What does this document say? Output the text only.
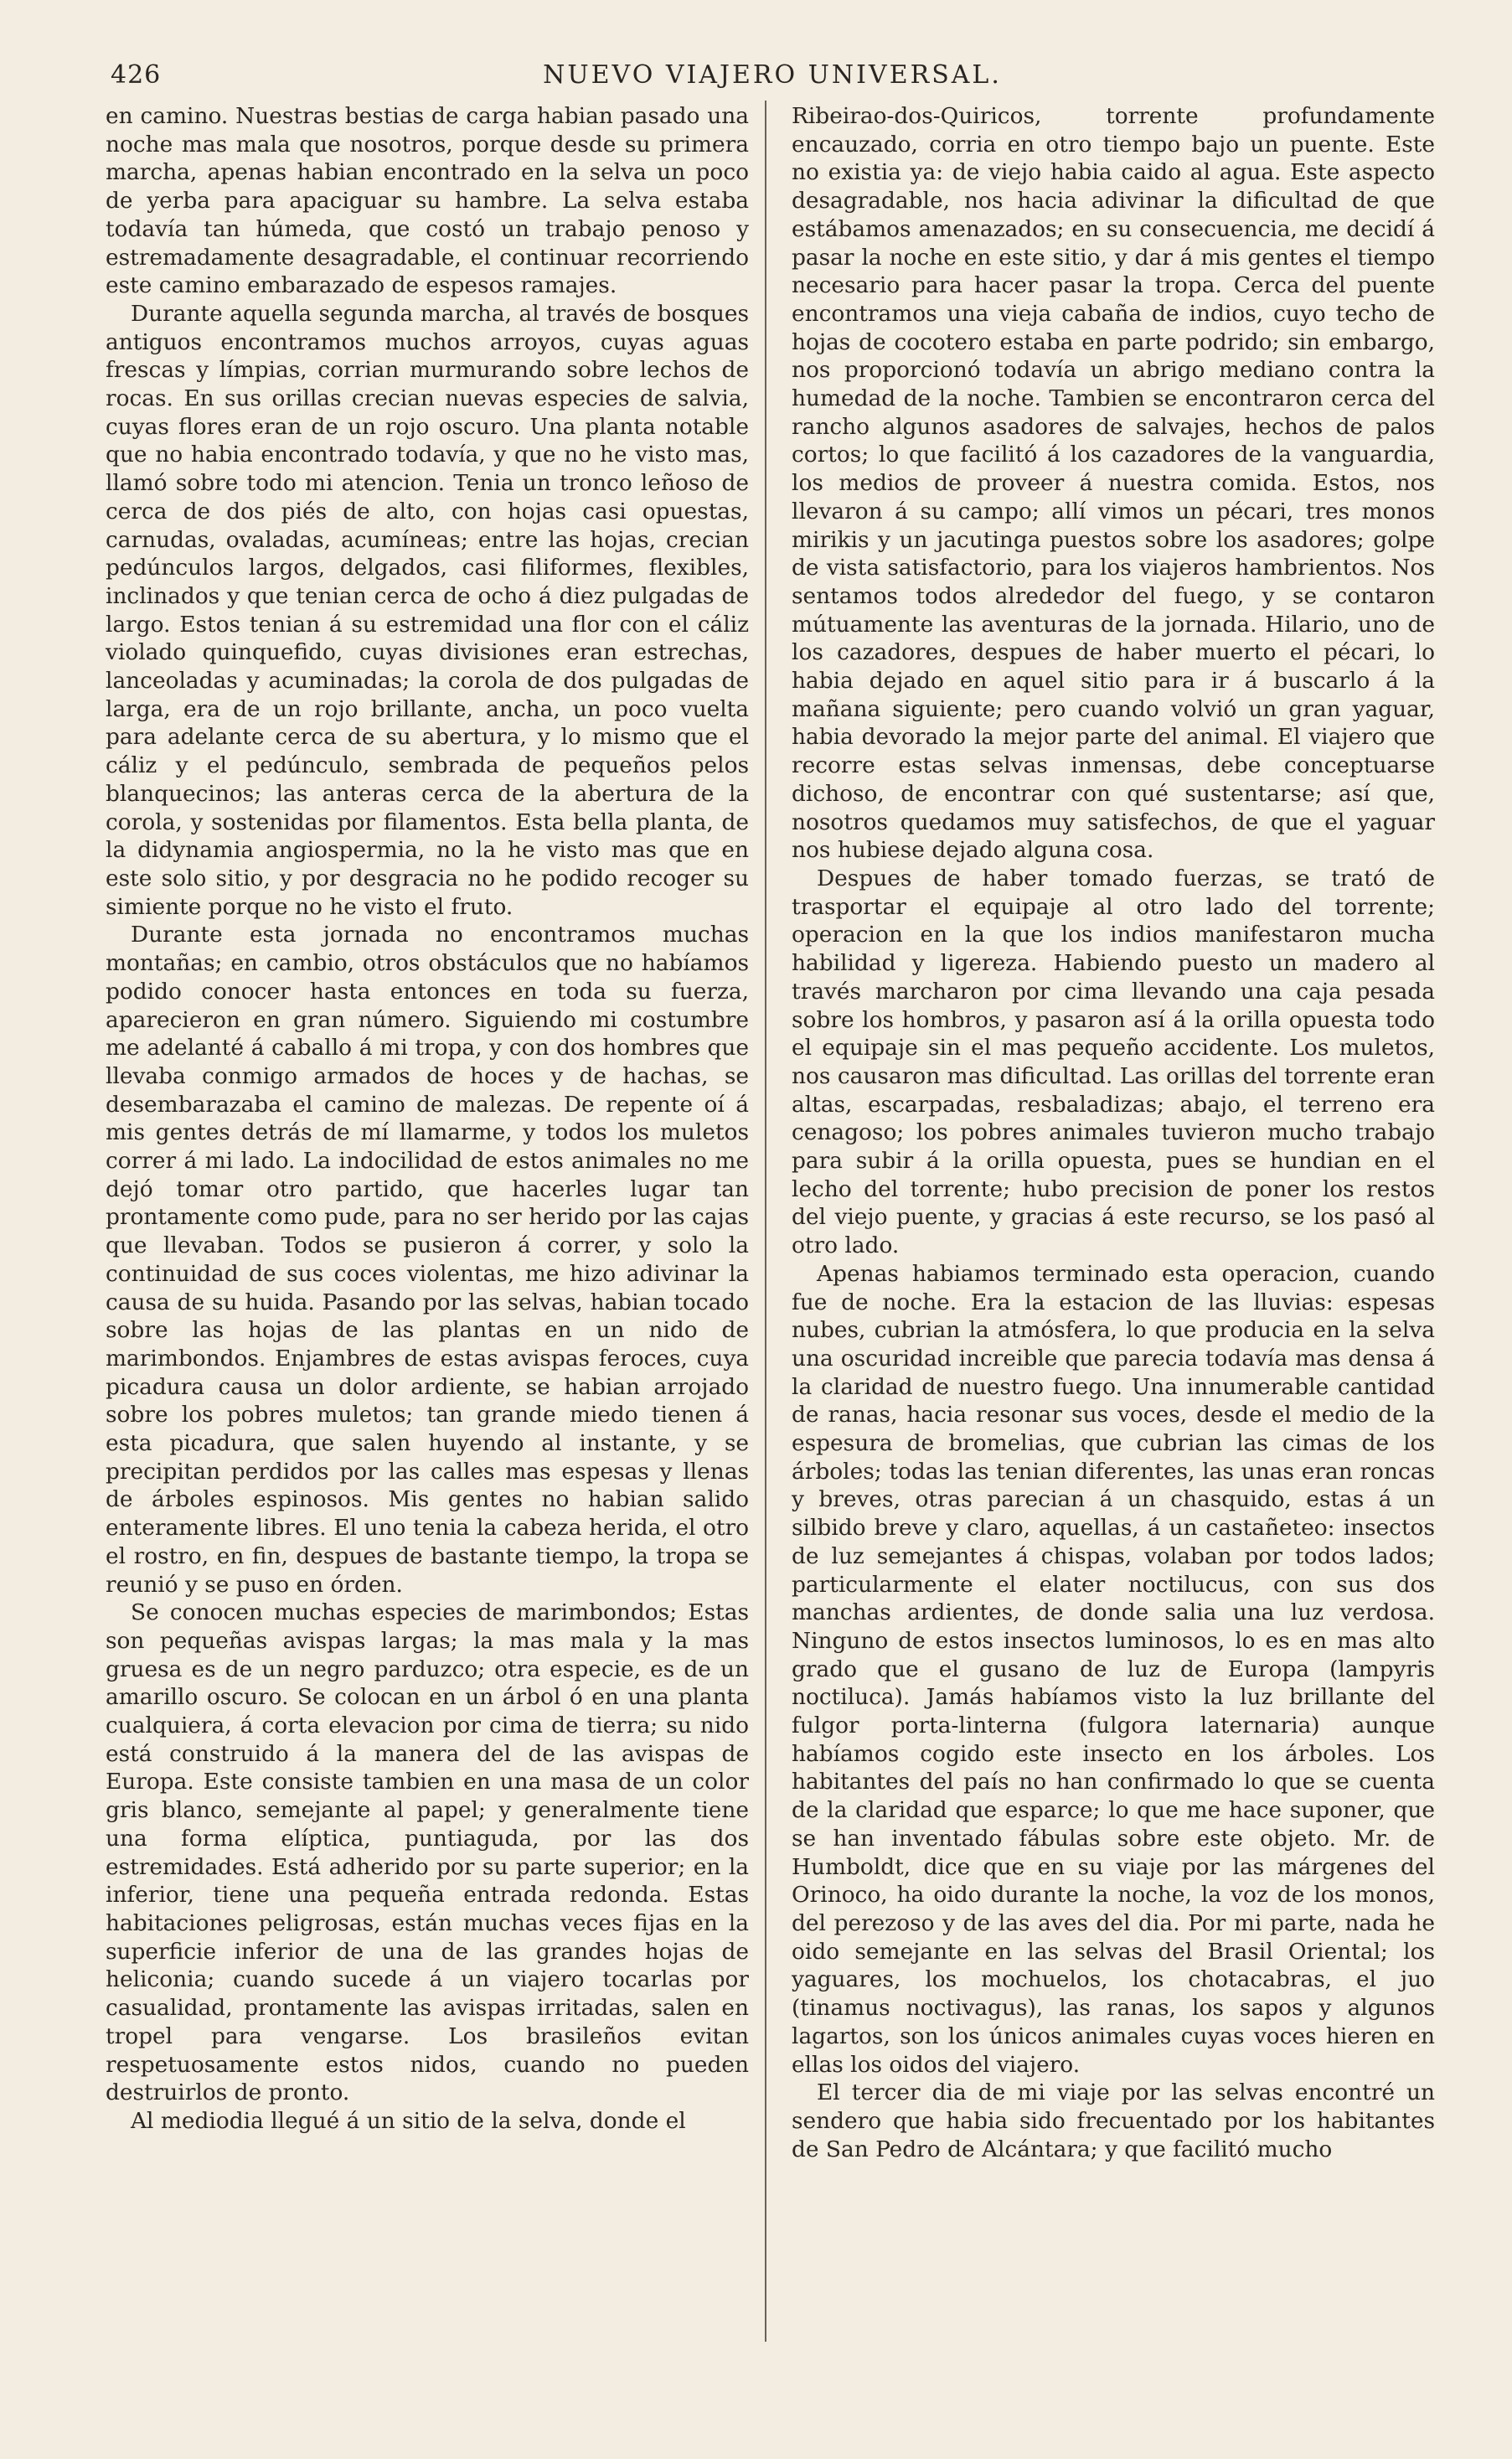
426	NUEVO VIAJERO UNIVERSAL.

en camino. Nuestras bestias de carga habian pasado una noche mas mala que nosotros, porque desde su primera marcha, apenas habian encontrado en la selva un poco de yerba para apaciguar su hambre. La selva estaba todavía tan húmeda, que costó un trabajo penoso y estremadamente desagradable, el continuar recorriendo este camino embarazado de espesos ramajes.

Durante aquella segunda marcha, al través de bosques antiguos encontramos muchos arroyos, cuyas aguas frescas y límpias, corrian murmurando sobre lechos de rocas. En sus orillas crecian nuevas especies de salvia, cuyas flores eran de un rojo oscuro. Una planta notable que no habia encontrado todavía, y que no he visto mas, llamó sobre todo mi atencion. Tenia un tronco leñoso de cerca de dos piés de alto, con hojas casi opuestas, carnudas, ovaladas, acumíneas; entre las hojas, crecian pedúnculos largos, delgados, casi filiformes, flexibles, inclinados y que tenian cerca de ocho á diez pulgadas de largo. Estos tenian á su estremidad una flor con el cáliz violado quinquefido, cuyas divisiones eran estrechas, lanceoladas y acuminadas; la corola de dos pulgadas de larga, era de un rojo brillante, ancha, un poco vuelta para adelante cerca de su abertura, y lo mismo que el cáliz y el pedúnculo, sembrada de pequeños pelos blanquecinos; las anteras cerca de la abertura de la corola, y sostenidas por filamentos. Esta bella planta, de la didynamia angiospermia, no la he visto mas que en este solo sitio, y por desgracia no he podido recoger su simiente porque no he visto el fruto.

Durante esta jornada no encontramos muchas montañas; en cambio, otros obstáculos que no habíamos podido conocer hasta entonces en toda su fuerza, aparecieron en gran número. Siguiendo mi costumbre me adelanté á caballo á mi tropa, y con dos hombres que llevaba conmigo armados de hoces y de hachas, se desembarazaba el camino de malezas. De repente oí á mis gentes detrás de mí llamarme, y todos los muletos correr á mi lado. La indocilidad de estos animales no me dejó tomar otro partido, que hacerles lugar tan prontamente como pude, para no ser herido por las cajas que llevaban. Todos se pusieron á correr, y solo la continuidad de sus coces violentas, me hizo adivinar la causa de su huida. Pasando por las selvas, habian tocado sobre las hojas de las plantas en un nido de marimbondos. Enjambres de estas avispas feroces, cuya picadura causa un dolor ardiente, se habian arrojado sobre los pobres muletos; tan grande miedo tienen á esta picadura, que salen huyendo al instante, y se precipitan perdidos por las calles mas espesas y llenas de árboles espinosos. Mis gentes no habian salido enteramente libres. El uno tenia la cabeza herida, el otro el rostro, en fin, despues de bastante tiempo, la tropa se reunió y se puso en órden.

Se conocen muchas especies de marimbondos; Estas son pequeñas avispas largas; la mas mala y la mas gruesa es de un negro parduzco; otra especie, es de un amarillo oscuro. Se colocan en un árbol ó en una planta cualquiera, á corta elevacion por cima de tierra; su nido está construido á la manera del de las avispas de Europa. Este consiste tambien en una masa de un color gris blanco, semejante al papel; y generalmente tiene una forma elíptica, puntiaguda, por las dos estremidades. Está adherido por su parte superior; en la inferior, tiene una pequeña entrada redonda. Estas habitaciones peligrosas, están muchas veces fijas en la superficie inferior de una de las grandes hojas de heliconia; cuando sucede á un viajero tocarlas por casualidad, prontamente las avispas irritadas, salen en tropel para vengarse. Los brasileños evitan respetuosamente estos nidos, cuando no pueden destruirlos de pronto.

Al mediodia llegué á un sitio de la selva, donde el

Ribeirao-dos-Quiricos, torrente profundamente encauzado, corria en otro tiempo bajo un puente. Este no existia ya: de viejo habia caido al agua. Este aspecto desagradable, nos hacia adivinar la dificultad de que estábamos amenazados; en su consecuencia, me decidí á pasar la noche en este sitio, y dar á mis gentes el tiempo necesario para hacer pasar la tropa. Cerca del puente encontramos una vieja cabaña de indios, cuyo techo de hojas de cocotero estaba en parte podrido; sin embargo, nos proporcionó todavía un abrigo mediano contra la humedad de la noche. Tambien se encontraron cerca del rancho algunos asadores de salvajes, hechos de palos cortos; lo que facilitó á los cazadores de la vanguardia, los medios de proveer á nuestra comida. Estos, nos llevaron á su campo; allí vimos un pécari, tres monos mirikis y un jacutinga puestos sobre los asadores; golpe de vista satisfactorio, para los viajeros hambrientos. Nos sentamos todos alrededor del fuego, y se contaron mútuamente las aventuras de la jornada. Hilario, uno de los cazadores, despues de haber muerto el pécari, lo habia dejado en aquel sitio para ir á buscarlo á la mañana siguiente; pero cuando volvió un gran yaguar, habia devorado la mejor parte del animal. El viajero que recorre estas selvas inmensas, debe conceptuarse dichoso, de encontrar con qué sustentarse; así que, nosotros quedamos muy satisfechos, de que el yaguar nos hubiese dejado alguna cosa.

Despues de haber tomado fuerzas, se trató de trasportar el equipaje al otro lado del torrente; operacion en la que los indios manifestaron mucha habilidad y ligereza. Habiendo puesto un madero al través marcharon por cima llevando una caja pesada sobre los hombros, y pasaron así á la orilla opuesta todo el equipaje sin el mas pequeño accidente. Los muletos, nos causaron mas dificultad. Las orillas del torrente eran altas, escarpadas, resbaladizas; abajo, el terreno era cenagoso; los pobres animales tuvieron mucho trabajo para subir á la orilla opuesta, pues se hundian en el lecho del torrente; hubo precision de poner los restos del viejo puente, y gracias á este recurso, se los pasó al otro lado.

Apenas habiamos terminado esta operacion, cuando fue de noche. Era la estacion de las lluvias: espesas nubes, cubrian la atmósfera, lo que producia en la selva una oscuridad increible que parecia todavía mas densa á la claridad de nuestro fuego. Una innumerable cantidad de ranas, hacia resonar sus voces, desde el medio de la espesura de bromelias, que cubrian las cimas de los árboles; todas las tenian diferentes, las unas eran roncas y breves, otras parecian á un chasquido, estas á un silbido breve y claro, aquellas, á un castañeteo: insectos de luz semejantes á chispas, volaban por todos lados; particularmente el elater noctilucus, con sus dos manchas ardientes, de donde salia una luz verdosa. Ninguno de estos insectos luminosos, lo es en mas alto grado que el gusano de luz de Europa (lampyris noctiluca). Jamás habíamos visto la luz brillante del fulgor porta-linterna (fulgora laternaria) aunque habíamos cogido este insecto en los árboles. Los habitantes del país no han confirmado lo que se cuenta de la claridad que esparce; lo que me hace suponer, que se han inventado fábulas sobre este objeto. Mr. de Humboldt, dice que en su viaje por las márgenes del Orinoco, ha oido durante la noche, la voz de los monos, del perezoso y de las aves del dia. Por mi parte, nada he oido semejante en las selvas del Brasil Oriental; los yaguares, los mochuelos, los chotacabras, el juo (tinamus noctivagus), las ranas, los sapos y algunos lagartos, son los únicos animales cuyas voces hieren en ellas los oidos del viajero.

El tercer dia de mi viaje por las selvas encontré un sendero que habia sido frecuentado por los habitantes de San Pedro de Alcántara; y que facilitó mucho
